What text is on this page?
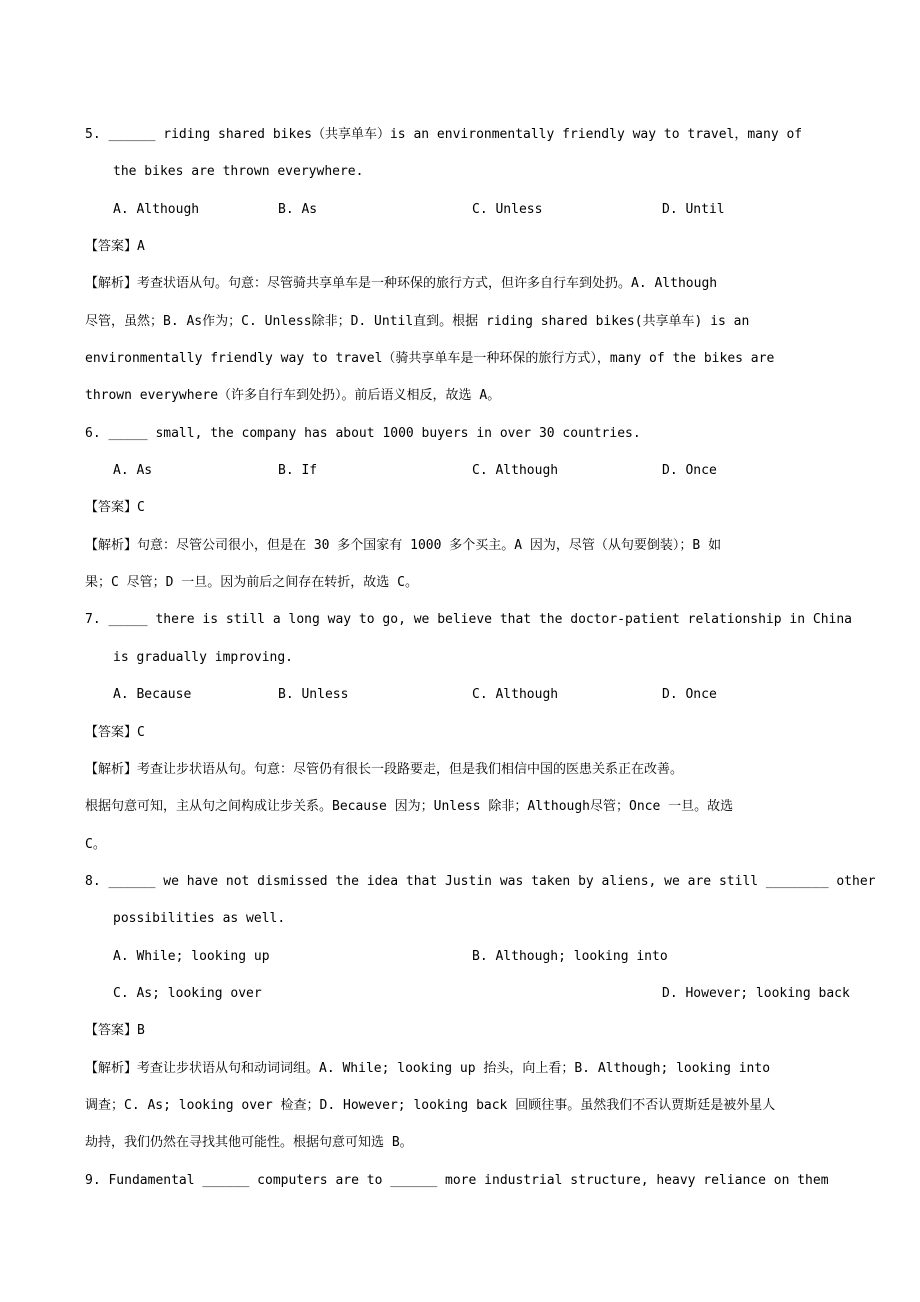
5. ______ riding shared bikes（共享单车）is an environmentally friendly way to travel，many of

the bikes are thrown everywhere.

A. Although	B. As	C. Unless	D. Until

【答案】A

【解析】考查状语从句。句意：尽管骑共享单车是一种环保的旅行方式，但许多自行车到处扔。A. Although

尽管，虽然；B. As作为；C. Unless除非；D. Until直到。根据 riding shared bikes(共享单车) is an

environmentally friendly way to travel（骑共享单车是一种环保的旅行方式），many of the bikes are

thrown everywhere（许多自行车到处扔）。前后语义相反，故选 A。

6. _____ small, the company has about 1000 buyers in over 30 countries.

A. As	B. If	C. Although	D. Once

【答案】C

【解析】句意：尽管公司很小，但是在 30 多个国家有 1000 多个买主。A 因为，尽管（从句要倒装）；B 如

果；C 尽管；D 一旦。因为前后之间存在转折，故选 C。

7. _____ there is still a long way to go, we believe that the doctor-patient relationship in China

is gradually improving.

A. Because	B. Unless	C. Although	D. Once

【答案】C

【解析】考查让步状语从句。句意：尽管仍有很长一段路要走，但是我们相信中国的医患关系正在改善。

根据句意可知，主从句之间构成让步关系。Because 因为；Unless 除非；Although尽管；Once 一旦。故选

C。

8. ______ we have not dismissed the idea that Justin was taken by aliens, we are still ________ other

possibilities as well.

A. While; looking up	B. Although; looking into
C. As; looking over	D. However; looking back

【答案】B

【解析】考查让步状语从句和动词词组。A. While; looking up 抬头，向上看；B. Although; looking into

调查；C. As; looking over 检查；D. However; looking back 回顾往事。虽然我们不否认贾斯廷是被外星人

劫持，我们仍然在寻找其他可能性。根据句意可知选 B。

9. Fundamental ______ computers are to ______ more industrial structure, heavy reliance on them
